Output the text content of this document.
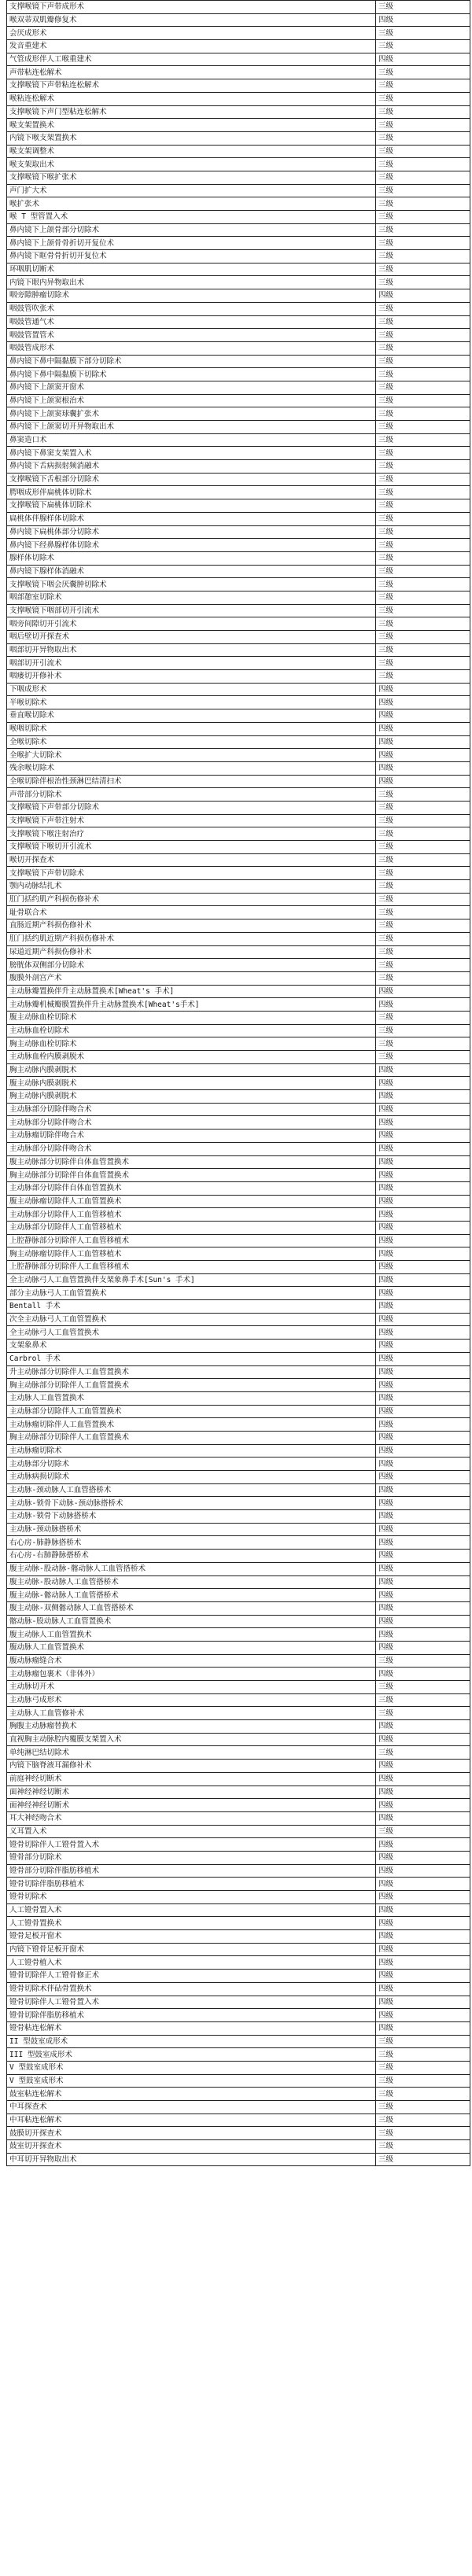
支撑喉镜下声带成形术	三级
喉双蒂双肌瓣修复术	四级
会厌成形术	三级
发音重建术	三级
气管成形伴人工喉重建术	四级
声带粘连松解术	三级
支撑喉镜下声带粘连松解术	三级
喉粘连松解术	三级
支撑喉镜下声门型粘连松解术	三级
喉支架置换术	三级
内镜下喉支架置换术	三级
喉支架调整术	三级
喉支架取出术	三级
支撑喉镜下喉扩张术	三级
声门扩大术	三级
喉扩张术	三级
喉 T 型管置入术	三级
鼻内镜下上颌骨部分切除术	三级
鼻内镜下上颌骨骨折切开复位术	三级
鼻内镜下眶骨骨折切开复位术	三级
环咽肌切断术	三级
内镜下眼内异物取出术	三级
咽旁隙肿瘤切除术	四级
咽鼓管吹张术	三级
咽鼓管通气术	三级
咽鼓管置管术	三级
咽鼓管成形术	三级
鼻内镜下鼻中隔黏膜下部分切除术	三级
鼻内镜下鼻中隔黏膜下切除术	三级
鼻内镜下上颌窦开窗术	三级
鼻内镜下上颌窦根治术	三级
鼻内镜下上颌窦球囊扩张术	三级
鼻内镜下上颌窦切开异物取出术	三级
鼻窦造口术	三级
鼻内镜下鼻窦支架置入术	三级
鼻内镜下舌病损射频消融术	三级
支撑喉镜下舌根部分切除术	三级
腭咽成形伴扁桃体切除术	三级
支撑喉镜下扁桃体切除术	三级
扁桃体伴腺样体切除术	三级
鼻内镜下扁桃体部分切除术	三级
鼻内镜下经鼻腺样体切除术	三级
腺样体切除术	三级
鼻内镜下腺样体消融术	三级
支撑喉镜下咽会厌囊肿切除术	三级
咽部憩室切除术	三级
支撑喉镜下咽部切开引流术	三级
咽旁间隙切开引流术	三级
咽后壁切开探查术	三级
咽部切开异物取出术	三级
咽部切开引流术	三级
咽瘘切开修补术	三级
下咽成形术	四级
半喉切除术	四级
垂直喉切除术	四级
喉咽切除术	四级
全喉切除术	四级
全喉扩大切除术	四级
残余喉切除术	四级
全喉切除伴根治性颈淋巴结清扫术	四级
声带部分切除术	三级
支撑喉镜下声带部分切除术	三级
支撑喉镜下声带注射术	三级
支撑喉镜下喉注射治疗	三级
支撑喉镜下喉切开引流术	三级
喉切开探查术	三级
支撑喉镜下声带切除术	三级
颚内动脉结扎术	三级
肛门括约肌产科损伤修补术	三级
耻骨联合术	三级
直肠近期产科损伤修补术	三级
肛门括约肌近期产科损伤修补术	三级
尿道近期产科损伤修补术	三级
膀胱体双侧部分切除术	三级
腹膜外剖宫产术	三级
主动脉瓣置换伴升主动脉置换术[Wheat's 手术]	四级
主动脉瓣机械瓣膜置换伴升主动脉置换术[Wheat's手术]	四级
腹主动脉血栓切除术	三级
主动脉血栓切除术	三级
胸主动脉血栓切除术	三级
主动脉血栓内膜剥脱术	三级
胸主动脉内膜剥脱术	四级
腹主动脉内膜剥脱术	四级
胸主动脉内膜剥脱术	四级
主动脉部分切除伴吻合术	四级
主动脉部分切除伴吻合术	四级
主动脉瘤切除伴吻合术	四级
主动脉部分切除伴吻合术	四级
腹主动脉部分切除伴自体血管置换术	四级
胸主动脉部分切除伴自体血管置换术	四级
主动脉部分切除伴自体血管置换术	四级
腹主动脉瘤切除伴人工血管置换术	四级
主动脉部分切除伴人工血管移植术	四级
主动脉部分切除伴人工血管移植术	四级
上腔静脉部分切除伴人工血管移植术	四级
胸主动脉瘤切除伴人工血管移植术	四级
上腔静脉部分切除伴人工血管移植术	四级
全主动脉弓人工血管置换伴支架象鼻手术[Sun's 手术]	四级
部分主动脉弓人工血管置换术	四级
Bentall 手术	四级
次全主动脉弓人工血管置换术	四级
全主动脉弓人工血管置换术	四级
支架象鼻术	四级
Carbrol 手术	四级
升主动脉部分切除伴人工血管置换术	四级
胸主动脉部分切除伴人工血管置换术	四级
主动脉人工血管置换术	四级
主动脉部分切除伴人工血管置换术	四级
主动脉瘤切除伴人工血管置换术	四级
胸主动脉部分切除伴人工血管置换术	四级
主动脉瘤切除术	四级
主动脉部分切除术	四级
主动脉病损切除术	四级
主动脉-颈动脉人工血管搭桥术	四级
主动脉-锁骨下动脉-颈动脉搭桥术	四级
主动脉-锁骨下动脉搭桥术	四级
主动脉-颈动脉搭桥术	四级
右心房-肺静脉搭桥术	四级
右心房-右肺静脉搭桥术	四级
腹主动脉-股动脉-髂动脉人工血管搭桥术	四级
腹主动脉-股动脉人工血管搭桥术	四级
腹主动脉-髂动脉人工血管搭桥术	四级
腹主动脉-双侧髂动脉人工血管搭桥术	四级
髂动脉-股动脉人工血管置换术	四级
腹主动脉人工血管置换术	四级
腹动脉人工血管置换术	四级
腹动脉瘤缝合术	三级
主动脉瘤包裹术（非体外）	四级
主动脉切开术	三级
主动脉弓成形术	三级
主动脉人工血管修补术	三级
胸腹主动脉瘤替换术	四级
直视胸主动脉腔内覆膜支架置入术	四级
单纯淋巴结切除术	三级
内镜下脑脊液耳漏修补术	四级
前庭神经切断术	四级
面神经神经切断术	四级
面神经神经切断术	四级
耳大神经吻合术	四级
义耳置入术	三级
镫骨切除伴人工镫骨置入术	四级
镫骨部分切除术	四级
镫骨部分切除伴脂肪移植术	四级
镫骨切除伴脂肪移植术	四级
镫骨切除术	四级
人工镫骨置入术	四级
人工镫骨置换术	四级
镫骨足板开窗术	四级
内镜下镫骨足板开窗术	四级
人工镫骨植入术	四级
镫骨切除伴人工镫骨修正术	四级
镫骨切除术伴砧骨置换术	四级
镫骨切除伴人工镫骨置入术	四级
镫骨切除伴脂肪移植术	四级
镫骨粘连松解术	四级
II 型鼓室成形术	三级
III 型鼓室成形术	三级
V 型鼓室成形术	三级
V 型鼓室成形术	三级
鼓室粘连松解术	三级
中耳探查术	三级
中耳粘连松解术	三级
鼓膜切开探查术	三级
鼓室切开探查术	三级
中耳切开异物取出术	三级
